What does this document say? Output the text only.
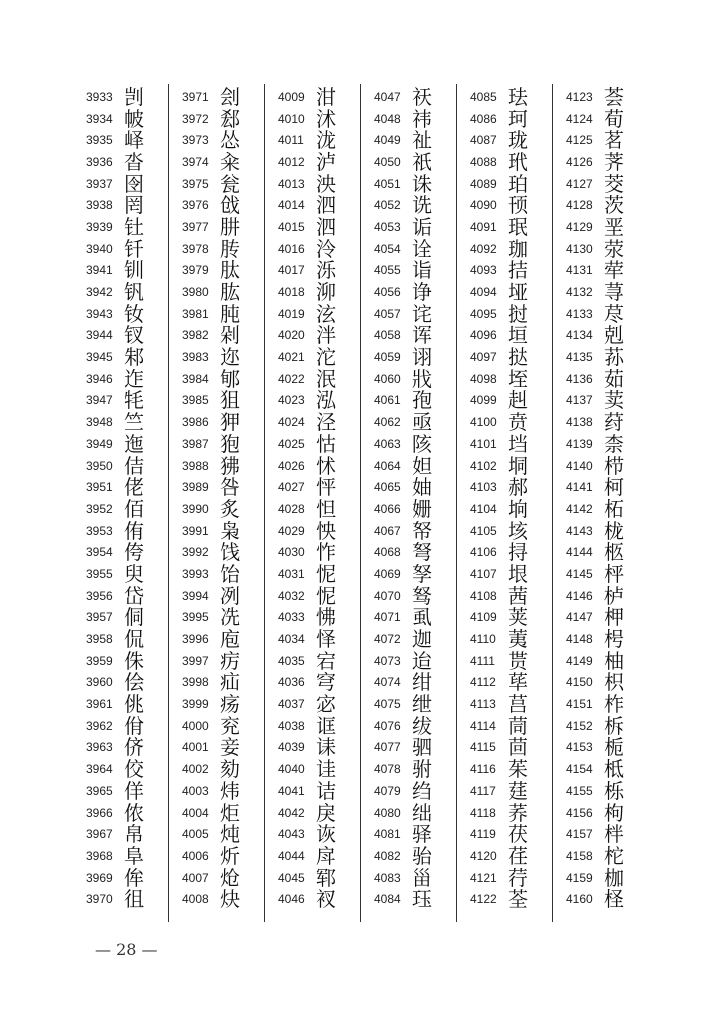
3933 剀
3934 帔
3935 峄
3936 沓
3937 囹
3938 罔
3939 钍
3940 钎
3941 钏
3942 钒
3943 钕
3944 钗
3945 邾
3946 迮
3947 牦
3948 竺
3949 迤
3950 佶
3951 佬
3952 佰
3953 侑
3954 侉
3955 臾
3956 岱
3957 侗
3958 侃
3959 侏
3960 侩
3961 佻
3962 佾
3963 侪
3964 佼
3965 佯
3966 侬
3967 帛
3968 阜
3969 侔
3970 徂
3971 刽
3972 郄
3973 怂
3974 籴
3975 瓮
3976 戗
3977 肼
3978 䏝
3979 肽
3980 肱
3981 肫
3982 剁
3983 迩
3984 郇
3985 狙
3986 狎
3987 狍
3988 狒
3989 咎
3990 炙
3991 枭
3992 饯
3993 饴
3994 冽
3995 冼
3996 庖
3997 疠
3998 疝
3999 疡
4000 兖
4001 妾
4002 劾
4003 炜
4004 炬
4005 炖
4006 炘
4007 炝
4008 炔
4009 泔
4010 沭
4011 泷
4012 泸
4013 泱
4014 泗
4015 泗
4016 泠
4017 泺
4018 泖
4019 泫
4020 泮
4021 沱
4022 泯
4023 泓
4024 泾
4025 怙
4026 怵
4027 怦
4028 怛
4029 怏
4030 怍
4031 怩
4032 怩
4033 怫
4034 怿
4035 宕
4036 穹
4037 宓
4038 诓
4039 诔
4040 诖
4041 诘
4042 戾
4043 诙
4044 戽
4045 郓
4046 衩
4047 祆
4048 祎
4049 祉
4050 祇
4051 诛
4052 诜
4053 诟
4054 诠
4055 诣
4056 诤
4057 诧
4058 诨
4059 诩
4060 戕
4061 孢
4062 亟
4063 陔
4064 妲
4065 妯
4066 姗
4067 帑
4068 弩
4069 孥
4070 驽
4071 虱
4072 迦
4073 迨
4074 绀
4075 绁
4076 绂
4077 驷
4078 驸
4079 绉
4080 绌
4081 驿
4082 骀
4083 甾
4084 珏
4085 珐
4086 珂
4087 珑
4088 玳
4089 珀
4090 顸
4091 珉
4092 珈
4093 拮
4094 垭
4095 挝
4096 垣
4097 挞
4098 垤
4099 赳
4100 贲
4101 垱
4102 垌
4103 郝
4104 垧
4105 垓
4106 挦
4107 垠
4108 茜
4109 荚
4110 荑
4111 贳
4112 荜
4113 莒
4114 茼
4115 茴
4116 茱
4117 莛
4118 荞
4119 茯
4120 荏
4121 荇
4122 荃
4123 荟
4124 荀
4125 茗
4126 荠
4127 茭
4128 茨
4129 垩
4130 荥
4131 荦
4132 荨
4133 荩
4134 剋
4135 荪
4136 茹
4137 荬
4138 荮
4139 柰
4140 栉
4141 柯
4142 柘
4143 栊
4144 柩
4145 枰
4146 栌
4147 柙
4148 枵
4149 柚
4150 枳
4151 柞
4152 柝
4153 栀
4154 柢
4155 栎
4156 枸
4157 柈
4158 柁
4159 枷
4160 柽
— 28 —
